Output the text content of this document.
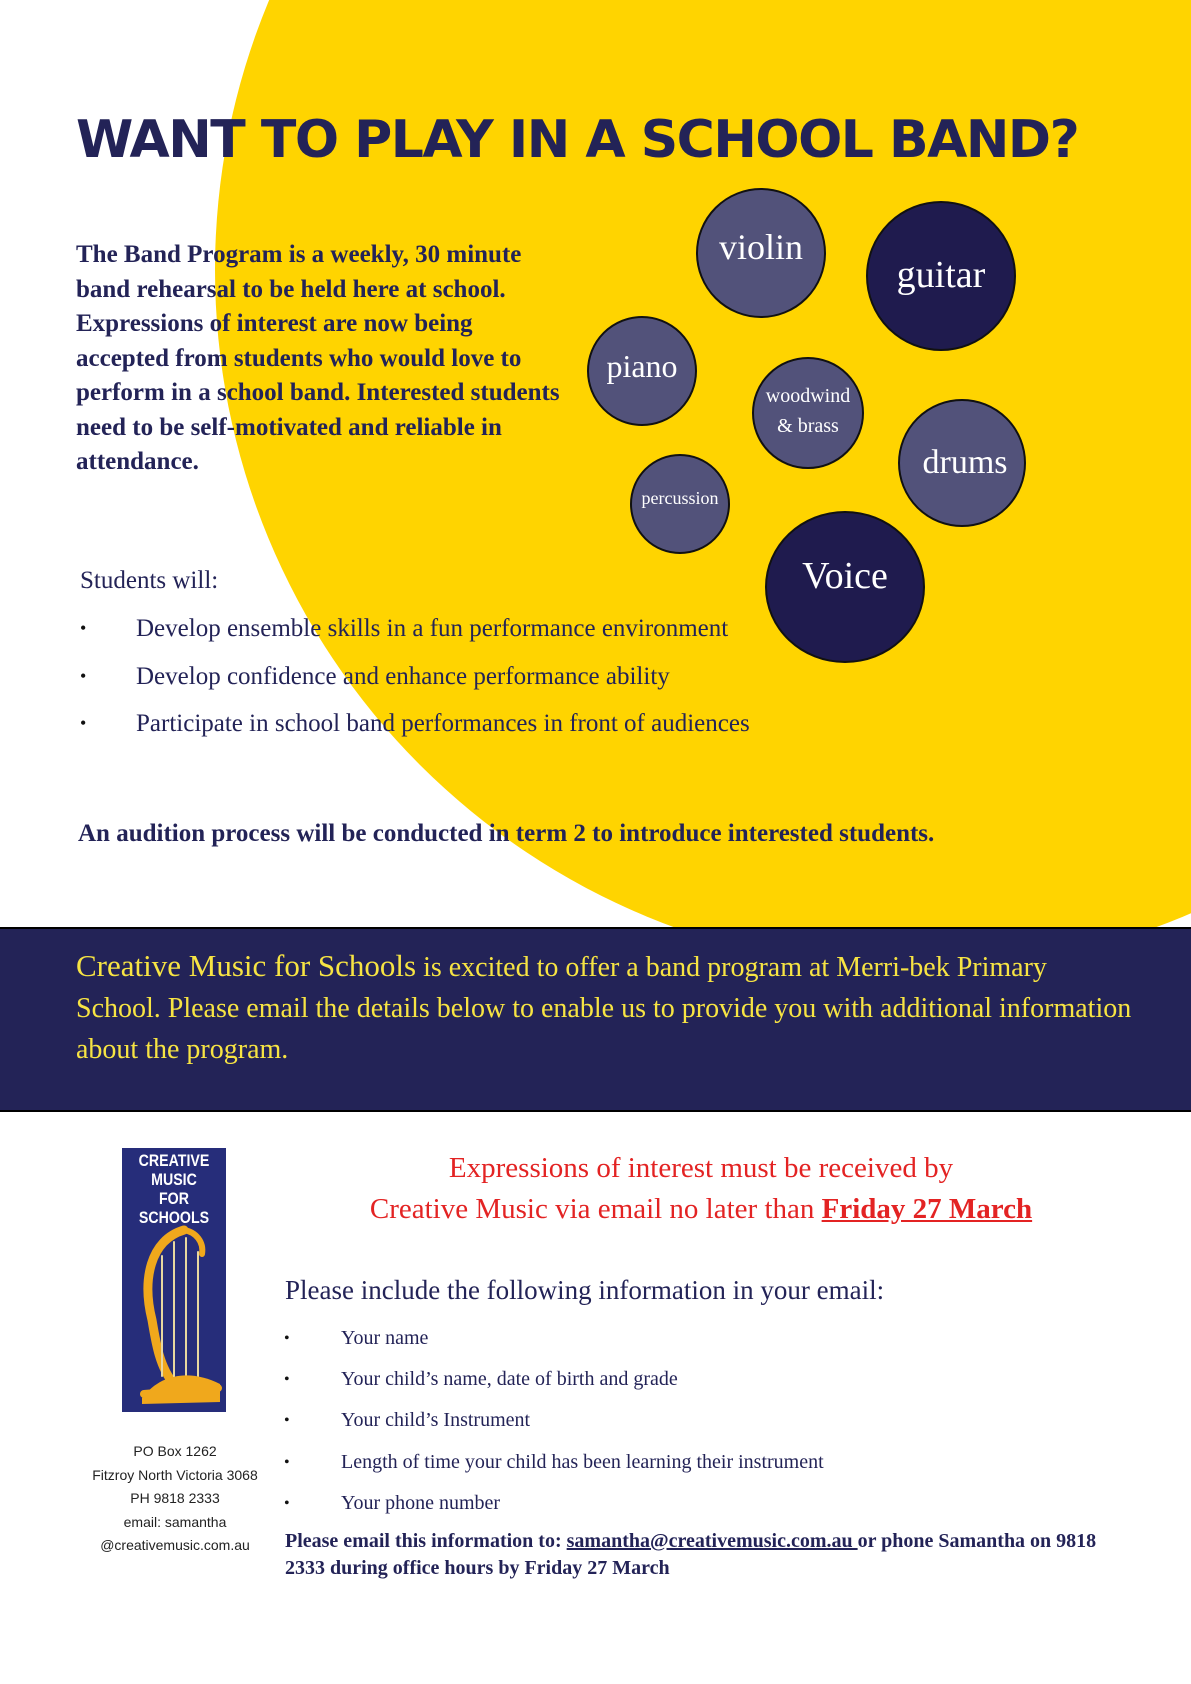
WANT TO PLAY IN A SCHOOL BAND?

The Band Program is a weekly, 30 minute band rehearsal to be held here at school. Expressions of interest are now being accepted from students who would love to perform in a school band. Interested students need to be self-motivated and reliable in attendance.

violin
guitar
piano
woodwind
& brass
drums
percussion
Voice

Students will:

• Develop ensemble skills in a fun performance environment
• Develop confidence and enhance performance ability
• Participate in school band performances in front of audiences

An audition process will be conducted in term 2 to introduce interested students.

Creative Music for Schools is excited to offer a band program at Merri-bek Primary School. Please email the details below to enable us to provide you with additional information about the program.

CREATIVE
MUSIC
FOR
SCHOOLS
PO Box 1262
Fitzroy North Victoria 3068
PH 9818 2333
email: samantha
@creativemusic.com.au

Expressions of interest must be received by
Creative Music via email no later than Friday 27 March

Please include the following information in your email:

• Your name
• Your child’s name, date of birth and grade
• Your child’s Instrument
• Length of time your child has been learning their instrument
• Your phone number

Please email this information to: samantha@creativemusic.com.au or phone Samantha on 9818 2333 during office hours by Friday 27 March
